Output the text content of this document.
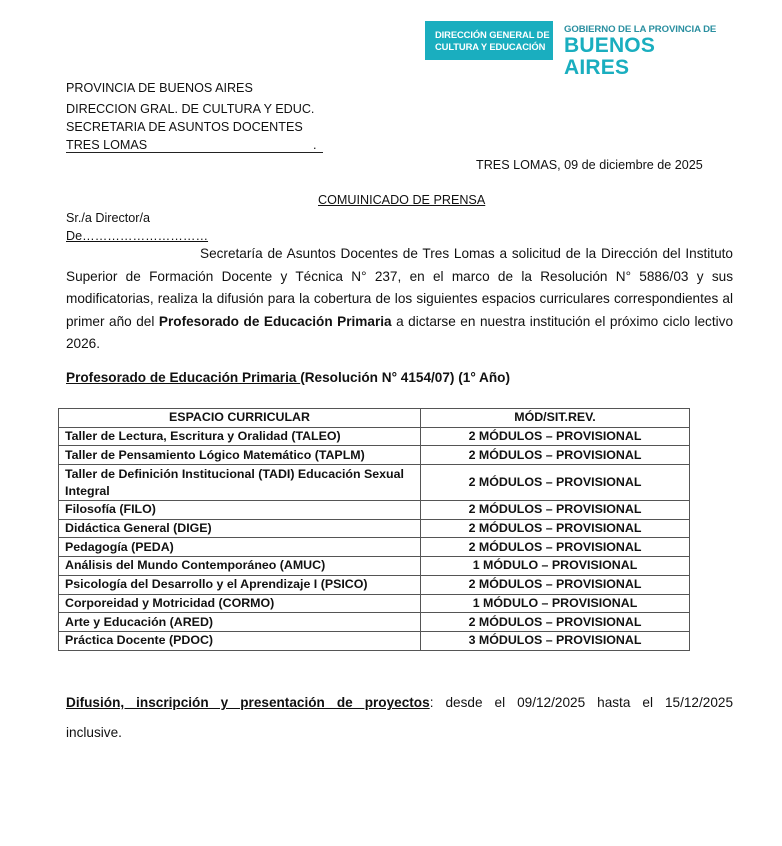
DIRECCIÓN GENERAL DE
CULTURA Y EDUCACIÓN
GOBIERNO DE LA PROVINCIA DE
BUENOS AIRES
PROVINCIA DE BUENOS AIRES
DIRECCION GRAL. DE CULTURA Y EDUC.
SECRETARIA DE ASUNTOS DOCENTES
TRES LOMAS	.
TRES LOMAS, 09 de diciembre de 2025
COMUINICADO DE PRENSA
Sr./a Director/a
De…………………………
Secretaría de Asuntos Docentes de Tres Lomas a solicitud de la Dirección del Instituto Superior de Formación Docente y Técnica N° 237, en el marco de la Resolución N° 5886/03 y sus modificatorias, realiza la difusión para la cobertura de los siguientes espacios curriculares correspondientes al primer año del Profesorado de Educación Primaria a dictarse en nuestra institución el próximo ciclo lectivo 2026.
Profesorado de Educación Primaria (Resolución N° 4154/07) (1° Año)
ESPACIO CURRICULAR	MÓD/SIT.REV.
Taller de Lectura, Escritura y Oralidad (TALEO)	2 MÓDULOS – PROVISIONAL
Taller de Pensamiento Lógico Matemático (TAPLM)	2 MÓDULOS – PROVISIONAL
Taller de Definición Institucional (TADI) Educación Sexual Integral	2 MÓDULOS – PROVISIONAL
Filosofía (FILO)	2 MÓDULOS – PROVISIONAL
Didáctica General (DIGE)	2 MÓDULOS – PROVISIONAL
Pedagogía (PEDA)	2 MÓDULOS – PROVISIONAL
Análisis del Mundo Contemporáneo (AMUC)	1 MÓDULO – PROVISIONAL
Psicología del Desarrollo y el Aprendizaje I (PSICO)	2 MÓDULOS – PROVISIONAL
Corporeidad y Motricidad (CORMO)	1 MÓDULO – PROVISIONAL
Arte y Educación (ARED)	2 MÓDULOS – PROVISIONAL
Práctica Docente (PDOC)	3 MÓDULOS – PROVISIONAL
Difusión, inscripción y presentación de proyectos: desde el 09/12/2025 hasta el 15/12/2025
inclusive.
